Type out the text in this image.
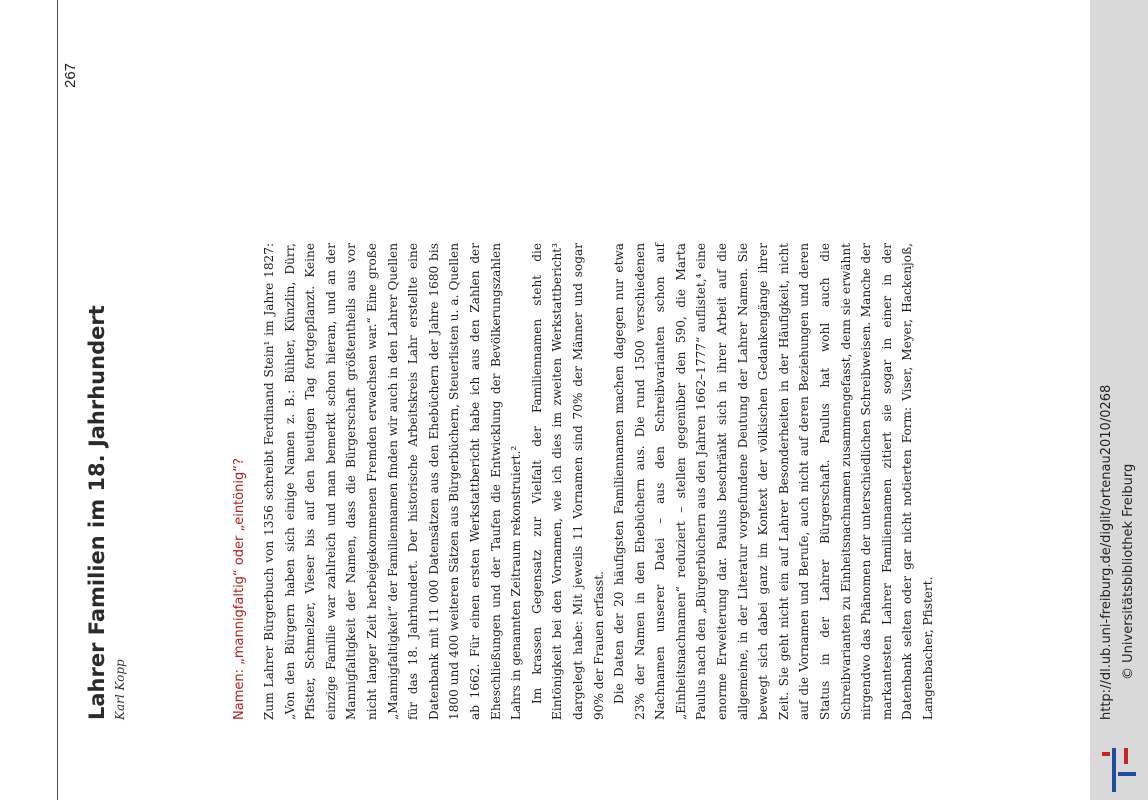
267
Lahrer Familien im 18. Jahrhundert Karl Kopp	Namen: „mannigfaltig“ oder „eintönig“? Zum Lahrer Bürgerbuch von 1356 schreibt Ferdinand Stein¹ im Jahre 1827: „Von den Bürgern haben sich einige Namen z. B.: Bühler, Künzlin, Dürr, Pfister, Schmelzer, Vieser bis auf den heutigen Tag fortgepflanzt. Keine einzige Familie war zahlreich und man bemerkt schon hieran, und an der Mannigfaltigkeit der Namen, dass die Bürgerschaft größtentheils aus vor nicht langer Zeit herbeigekommenen Fremden erwachsen war.“ Eine große „Mannigfaltigkeit“ der Familiennamen finden wir auch in den Lahrer Quellen für das 18. Jahrhundert. Der historische Arbeitskreis Lahr erstellte eine Datenbank mit 11 000 Datensätzen aus den Ehebüchern der Jahre 1680 bis 1800 und 400 weiteren Sätzen aus Bürgerbüchern, Steuerlisten u. a. Quellen ab 1662. Für einen ersten Werkstattbericht habe ich aus den Zahlen der Eheschließungen und der Taufen die Entwicklung der Bevölkerungszahlen Lahrs in genannten Zeitraum rekonstruiert.² Im krassen Gegensatz zur Vielfalt der Familiennamen steht die Eintönigkeit bei den Vornamen, wie ich dies im zweiten Werkstattbericht³ dargelegt habe: Mit jeweils 11 Vornamen sind 70% der Männer und sogar 90% der Frauen erfasst. Die Daten der 20 häufigsten Familiennamen machen dagegen nur etwa 23% der Namen in den Ehebüchern aus. Die rund 1500 verschiedenen Nachnamen unserer Datei – aus den Schreibvarianten schon auf „Einheitsnachnamen“ reduziert – stellen gegenüber den 590, die Marta Paulus nach den „Bürgerbüchern aus den Jahren 1662–1777“ auflistet,⁴ eine enorme Erweiterung dar. Paulus beschränkt sich in ihrer Arbeit auf die allgemeine, in der Literatur vorgefundene Deutung der Lahrer Namen. Sie bewegt sich dabei ganz im Kontext der völkischen Gedankengänge ihrer Zeit. Sie geht nicht ein auf Lahrer Besonderheiten in der Häufigkeit, nicht auf die Vornamen und Berufe, auch nicht auf deren Beziehungen und deren Status in der Lahrer Bürgerschaft. Paulus hat wohl auch die Schreibvarianten zu Einheitsnachnamen zusammengefasst, denn sie erwähnt nirgendwo das Phänomen der unterschiedlichen Schreibweisen. Manche der markantesten Lahrer Familiennamen zitiert sie sogar in einer in der Datenbank selten oder gar nicht notierten Form: Viser, Meyer, Hackenjoß, Langenbacher, Pfistert.	http://dl.ub.uni-freiburg.de/diglit/ortenau2010/0268 © Universitätsbibliothek Freiburg
